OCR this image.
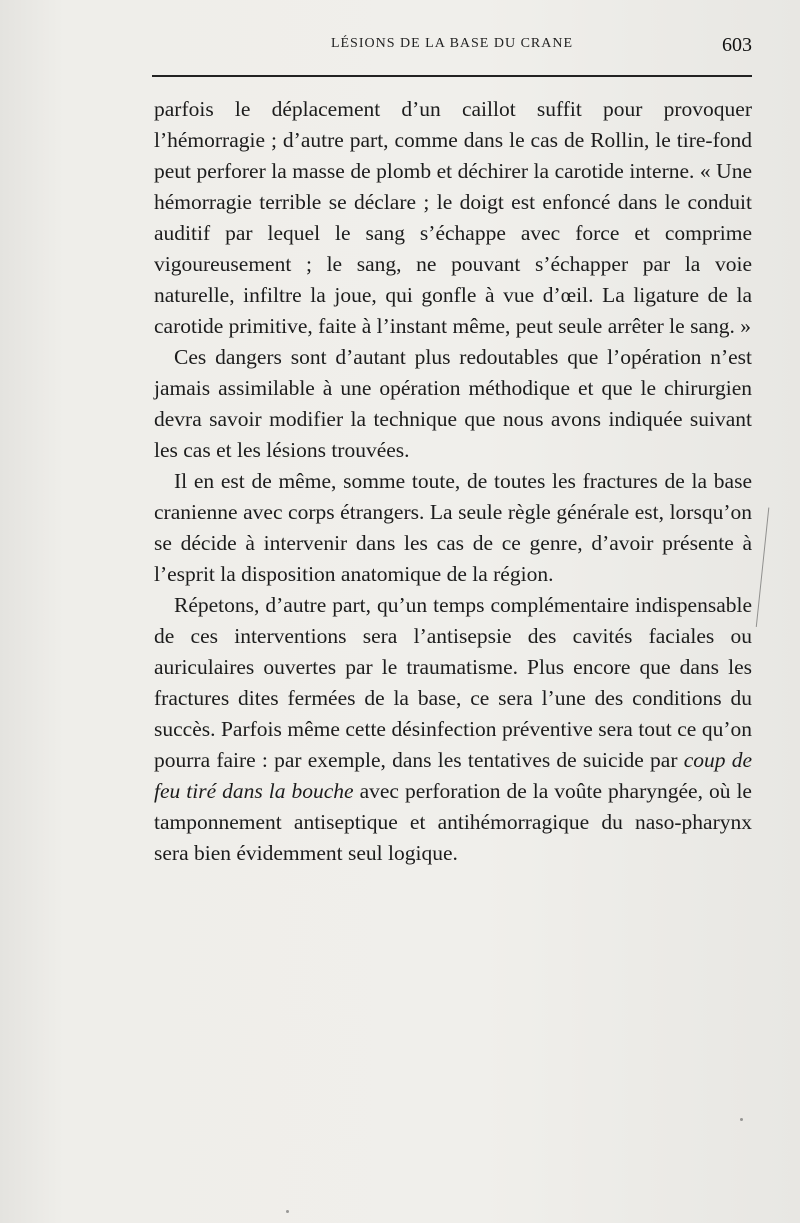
LÉSIONS DE LA BASE DU CRANE	603

parfois le déplacement d’un caillot suffit pour provoquer l’hémorragie ; d’autre part, comme dans le cas de Rollin, le tire-fond peut perforer la masse de plomb et déchirer la carotide interne. « Une hémorragie terrible se déclare ; le doigt est enfoncé dans le conduit auditif par lequel le sang s’échappe avec force et comprime vigoureusement ; le sang, ne pouvant s’échapper par la voie naturelle, infiltre la joue, qui gonfle à vue d’œil. La ligature de la carotide primitive, faite à l’instant même, peut seule arrêter le sang. »

Ces dangers sont d’autant plus redoutables que l’opération n’est jamais assimilable à une opération méthodique et que le chirurgien devra savoir modifier la technique que nous avons indiquée suivant les cas et les lésions trouvées.

Il en est de même, somme toute, de toutes les fractures de la base cranienne avec corps étrangers. La seule règle générale est, lorsqu’on se décide à intervenir dans les cas de ce genre, d’avoir présente à l’esprit la disposition anatomique de la région.

Répetons, d’autre part, qu’un temps complémentaire indispensable de ces interventions sera l’antisepsie des cavités faciales ou auriculaires ouvertes par le traumatisme. Plus encore que dans les fractures dites fermées de la base, ce sera l’une des conditions du succès. Parfois même cette désinfection préventive sera tout ce qu’on pourra faire : par exemple, dans les tentatives de suicide par coup de feu tiré dans la bouche avec perforation de la voûte pharyngée, où le tamponnement antiseptique et antihémorragique du naso-pharynx sera bien évidemment seul logique.
